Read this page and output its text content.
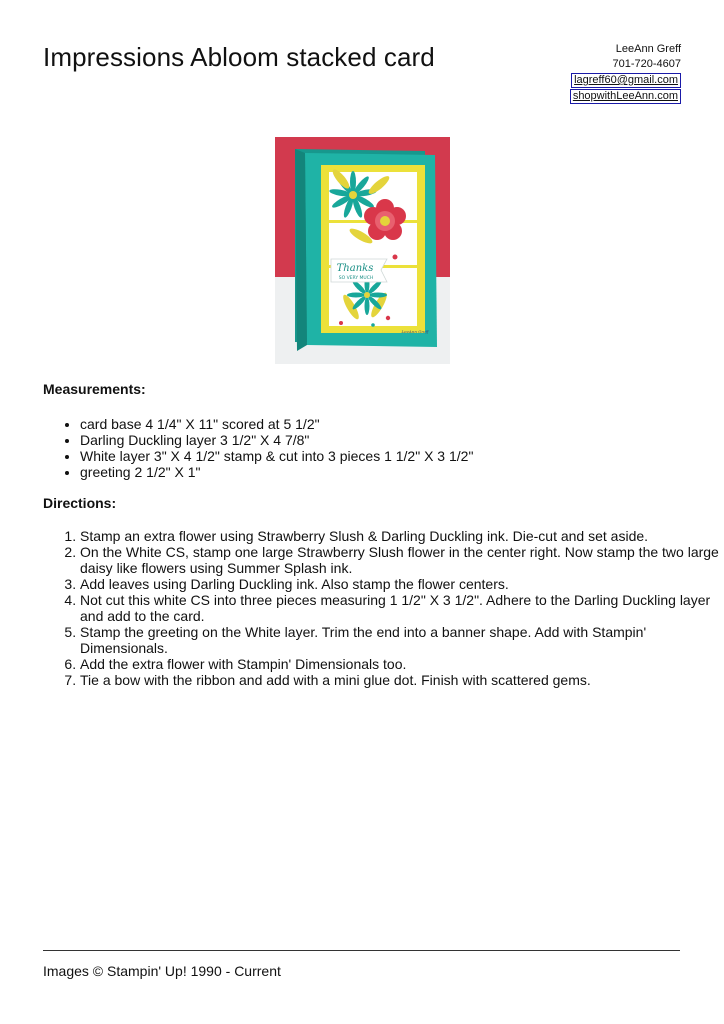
Impressions Abloom stacked card	LeeAnn Greff
701-720-4607
lagreff60@gmail.com
shopwithLeeAnn.com
Thanks
SO VERY MUCH
LeeAnn Greff
Measurements:
• card base 4 1/4" X 11" scored at 5 1/2"
• Darling Duckling layer 3 1/2" X 4 7/8"
• White layer 3" X 4 1/2" stamp & cut into 3 pieces 1 1/2" X 3 1/2"
• greeting 2 1/2" X 1"
Directions:
1. Stamp an extra flower using Strawberry Slush & Darling Duckling ink. Die-cut and set aside.
2. On the White CS, stamp one large Strawberry Slush flower in the center right. Now stamp the two large daisy like flowers using Summer Splash ink.
3. Add leaves using Darling Duckling ink. Also stamp the flower centers.
4. Not cut this white CS into three pieces measuring 1 1/2" X 3 1/2". Adhere to the Darling Duckling layer and add to the card.
5. Stamp the greeting on the White layer. Trim the end into a banner shape. Add with Stampin' Dimensionals.
6. Add the extra flower with Stampin' Dimensionals too.
7. Tie a bow with the ribbon and add with a mini glue dot. Finish with scattered gems.
Images © Stampin' Up! 1990 - Current
